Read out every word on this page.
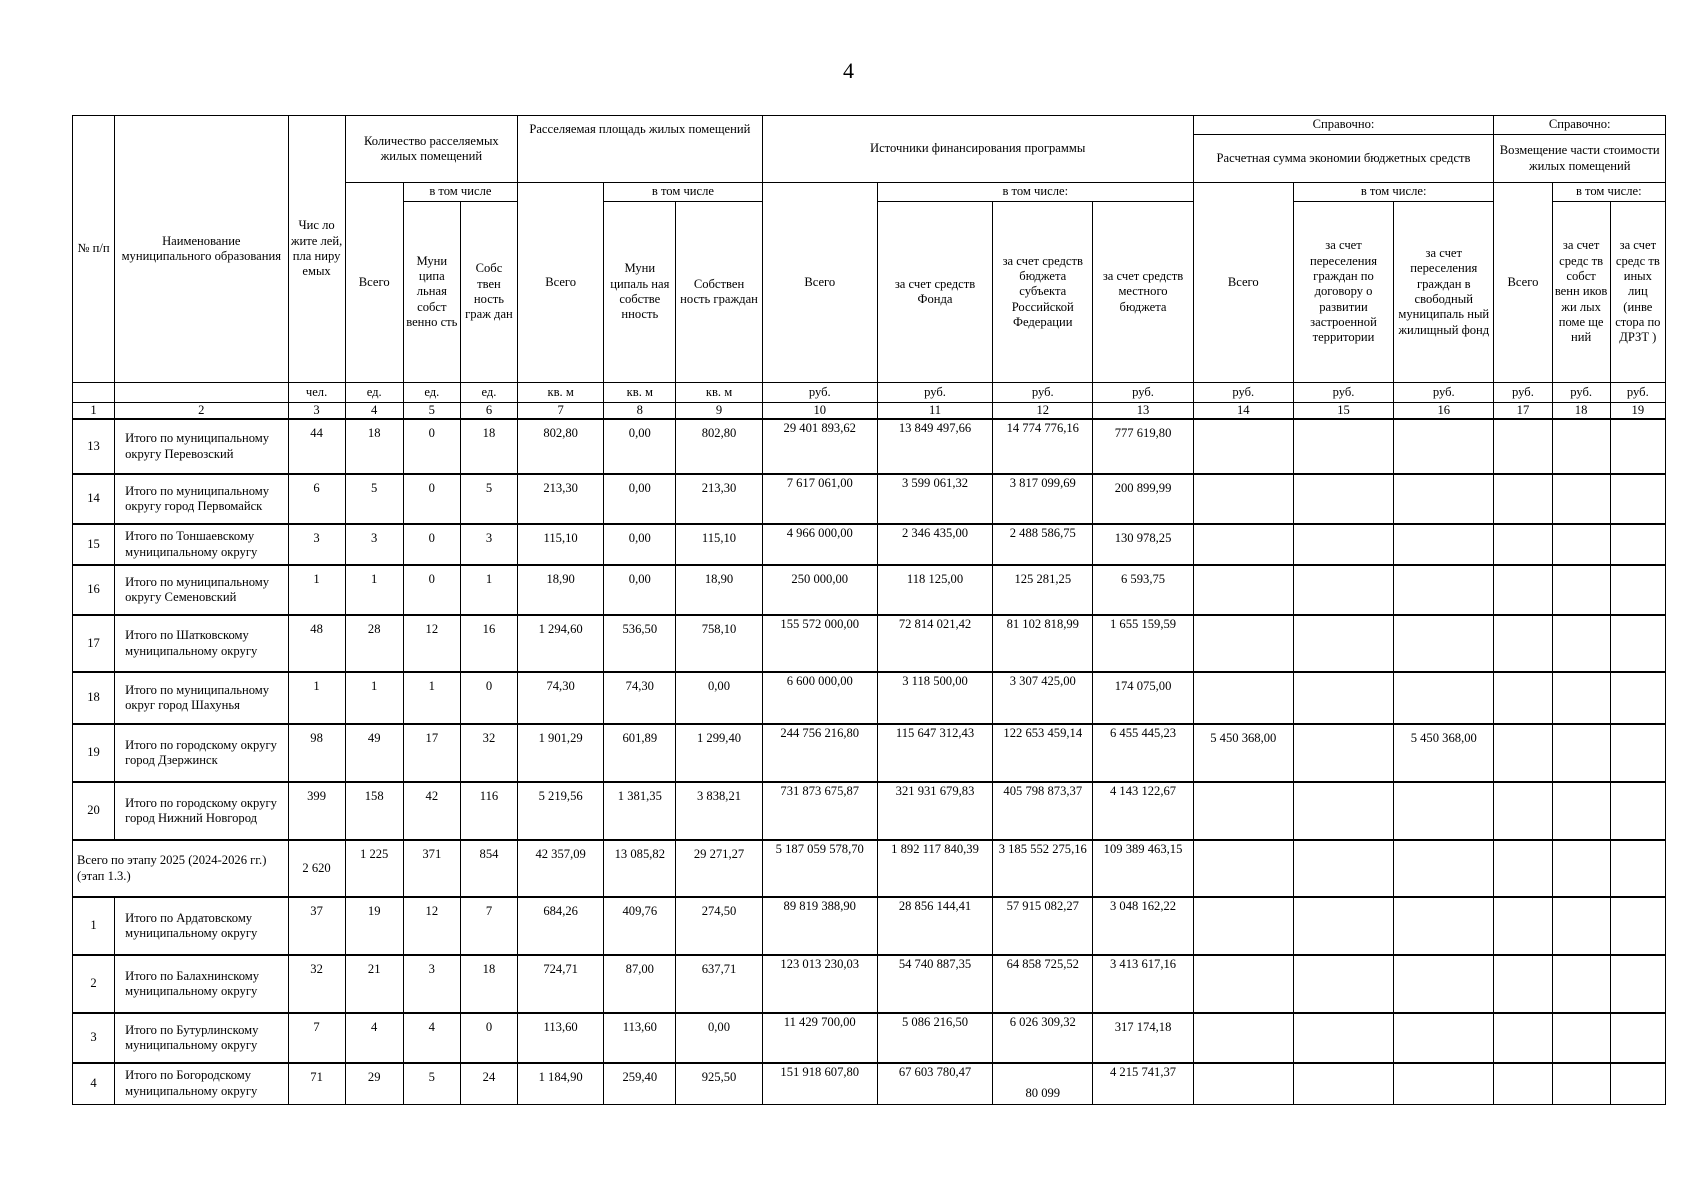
4
№ п/п	Наименование муниципального образования	Чис ло жите лей, пла ниру емых	Количество расселяемых жилых помещений			Расселяемая площадь жилых помещений			Источники финансирования программы				Справочно:			Справочно:		
													Расчетная сумма экономии бюджетных средств			Возмещение части стоимости жилых помещений		
			Всего	в том числе		Всего	в том числе		Всего	в том числе:			Всего	в том числе:		Всего	в том числе:	
				Муни ципа льная собст венно сть	Собс твен ность граж дан		Муни ципаль ная собстве нность	Собствен ность граждан		за счет средств Фонда	за счет средств бюджета субъекта Российской Федерации	за счет средств местного бюджета		за счет переселения граждан по договору о развитии застроенной территории	за счет переселения граждан в свободный муниципаль ный жилищный фонд		за счет средс тв собст венн иков жи лых поме ще ний	за счет средс тв иных лиц (инве стора по ДРЗТ )
		чел.	ед.	ед.	ед.	кв. м	кв. м	кв. м	руб.	руб.	руб.	руб.	руб.	руб.	руб.	руб.	руб.	руб.
1	2	3	4	5	6	7	8	9	10	11	12	13	14	15	16	17	18	19
13	Итого по муниципальному округу Перевозский	44	18	0	18	802,80	0,00	802,80	29 401 893,62	13 849 497,66	14 774 776,16	777 619,80						
14	Итого по муниципальному округу город Первомайск	6	5	0	5	213,30	0,00	213,30	7 617 061,00	3 599 061,32	3 817 099,69	200 899,99						
15	Итого по Тоншаевскому муниципальному округу	3	3	0	3	115,10	0,00	115,10	4 966 000,00	2 346 435,00	2 488 586,75	130 978,25						
16	Итого по муниципальному округу Семеновский	1	1	0	1	18,90	0,00	18,90	250 000,00	118 125,00	125 281,25	6 593,75						
17	Итого по Шатковскому муниципальному округу	48	28	12	16	1 294,60	536,50	758,10	155 572 000,00	72 814 021,42	81 102 818,99	1 655 159,59						
18	Итого по муниципальному округ город Шахунья	1	1	1	0	74,30	74,30	0,00	6 600 000,00	3 118 500,00	3 307 425,00	174 075,00						
19	Итого по городскому округу город Дзержинск	98	49	17	32	1 901,29	601,89	1 299,40	244 756 216,80	115 647 312,43	122 653 459,14	6 455 445,23	5 450 368,00		5 450 368,00			
20	Итого по городскому округу город Нижний Новгород	399	158	42	116	5 219,56	1 381,35	3 838,21	731 873 675,87	321 931 679,83	405 798 873,37	4 143 122,67						
Всего по этапу 2025 (2024-2026 гг.) (этап 1.3.)		2 620	1 225	371	854	42 357,09	13 085,82	29 271,27	5 187 059 578,70	1 892 117 840,39	3 185 552 275,16	109 389 463,15						
1	Итого по Ардатовскому муниципальному округу	37	19	12	7	684,26	409,76	274,50	89 819 388,90	28 856 144,41	57 915 082,27	3 048 162,22						
2	Итого по Балахнинскому муниципальному округу	32	21	3	18	724,71	87,00	637,71	123 013 230,03	54 740 887,35	64 858 725,52	3 413 617,16						
3	Итого по Бутурлинскому муниципальному округу	7	4	4	0	113,60	113,60	0,00	11 429 700,00	5 086 216,50	6 026 309,32	317 174,18						
4	Итого по Богородскому муниципальному округу	71	29	5	24	1 184,90	259,40	925,50	151 918 607,80	67 603 780,47	80 099	4 215 741,37						
